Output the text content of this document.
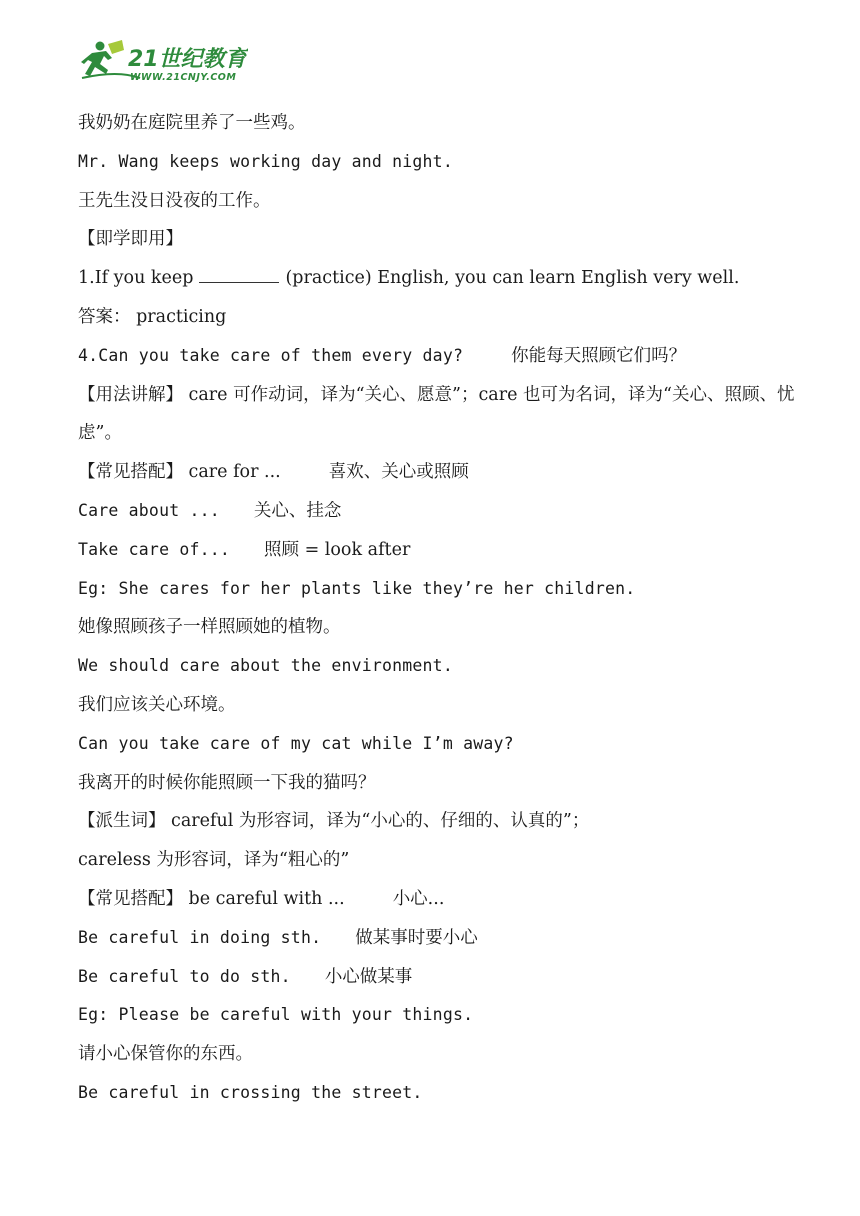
21世纪教育
WWW.21CNJY.COM
我奶奶在庭院里养了一些鸡。
Mr. Wang keeps working day and night.
王先生没日没夜的工作。
【即学即用】
1.If you keep	(practice) English, you can learn English very well.
答案： practicing
4.Can you take care of them every day?	你能每天照顾它们吗？
【用法讲解】 care 可作动词，译为“关心、愿意”；care 也可为名词，译为“关心、照顾、忧虑”。
【常见搭配】 care for ...	喜欢、关心或照顾
Care about ... 关心、挂念
Take care of... 照顾 = look after
Eg: She cares for her plants like they’re her children.
她像照顾孩子一样照顾她的植物。
We should care about the environment.
我们应该关心环境。
Can you take care of my cat while I’m away?
我离开的时候你能照顾一下我的猫吗？
【派生词】 careful 为形容词，译为“小心的、仔细的、认真的”；
careless 为形容词，译为“粗心的”
【常见搭配】 be careful with ...	小心...
Be careful in doing sth. 做某事时要小心
Be careful to do sth. 小心做某事
Eg: Please be careful with your things.
请小心保管你的东西。
Be careful in crossing the street.
